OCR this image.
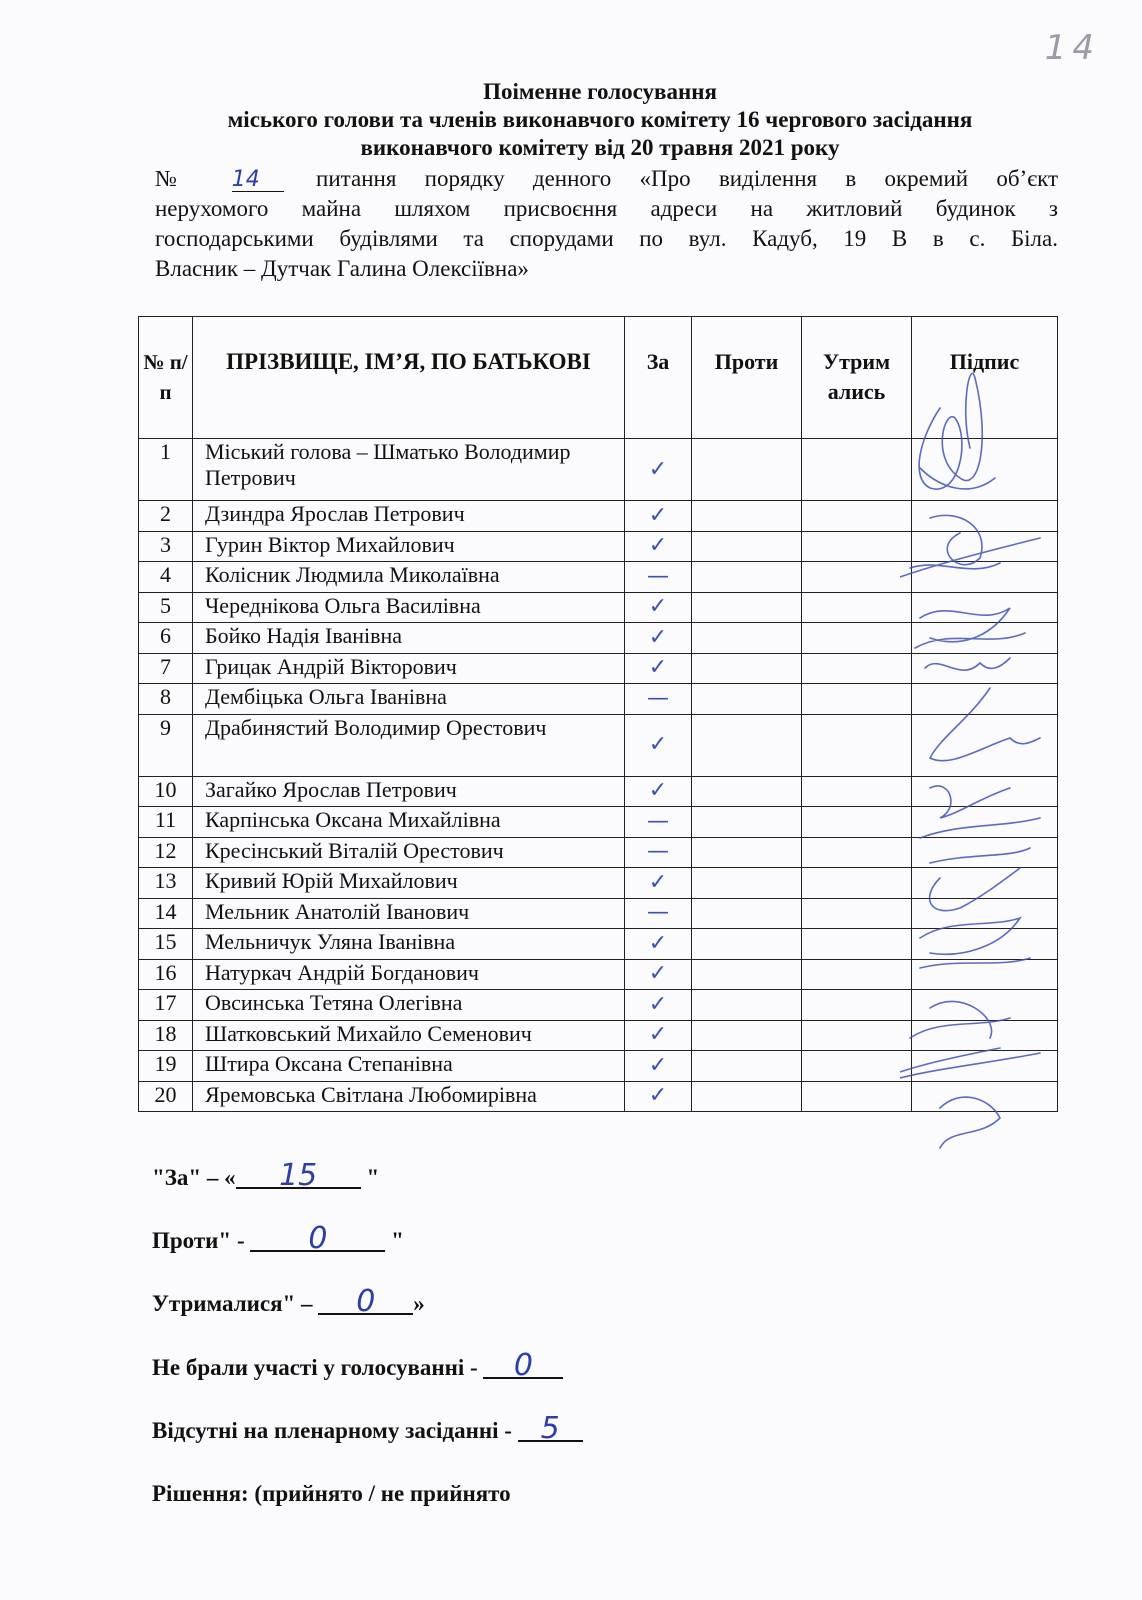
14
Поіменне голосування
міського голови та членів виконавчого комітету 16 чергового засідання
виконавчого комітету від 20 травня 2021 року
№ 14 питання порядку денного «Про виділення в окремий об’єкт
нерухомого майна шляхом присвоєння адреси на житловий будинок з
господарськими будівлями та спорудами по вул. Кадуб, 19 В в с. Біла.
Власник – Дутчак Галина Олексіївна»
№ п/п	ПРІЗВИЩЕ, ІМ’Я, ПО БАТЬКОВІ	За	Проти	Утрим ались	Підпис
1	Міський голова – Шматько Володимир Петрович	✓			
2	Дзиндра Ярослав Петрович	✓			
3	Гурин Віктор Михайлович	✓			
4	Колісник Людмила Миколаївна	—			
5	Череднікова Ольга Василівна	✓			
6	Бойко Надія Іванівна	✓			
7	Грицак Андрій Вікторович	✓			
8	Дембіцька Ольга Іванівна	—			
9	Драбинястий Володимир Орестович	✓			
10	Загайко Ярослав Петрович	✓			
11	Карпінська Оксана Михайлівна	—			
12	Кресінський Віталій Орестович	—			
13	Кривий Юрій Михайлович	✓			
14	Мельник Анатолій Іванович	—			
15	Мельничук Уляна Іванівна	✓			
16	Натуркач Андрій Богданович	✓			
17	Овсинська Тетяна Олегівна	✓			
18	Шатковський Михайло Семенович	✓			
19	Штира Оксана Степанівна	✓			
20	Яремовська Світлана Любомирівна	✓			
"За" – « 15 "
Проти" - 0	"
Утрималися" – 0 »
Не брали участі у голосуванні - 0
Відсутні на пленарному засіданні - 5
Рішення: (прийнято / не прийнято
